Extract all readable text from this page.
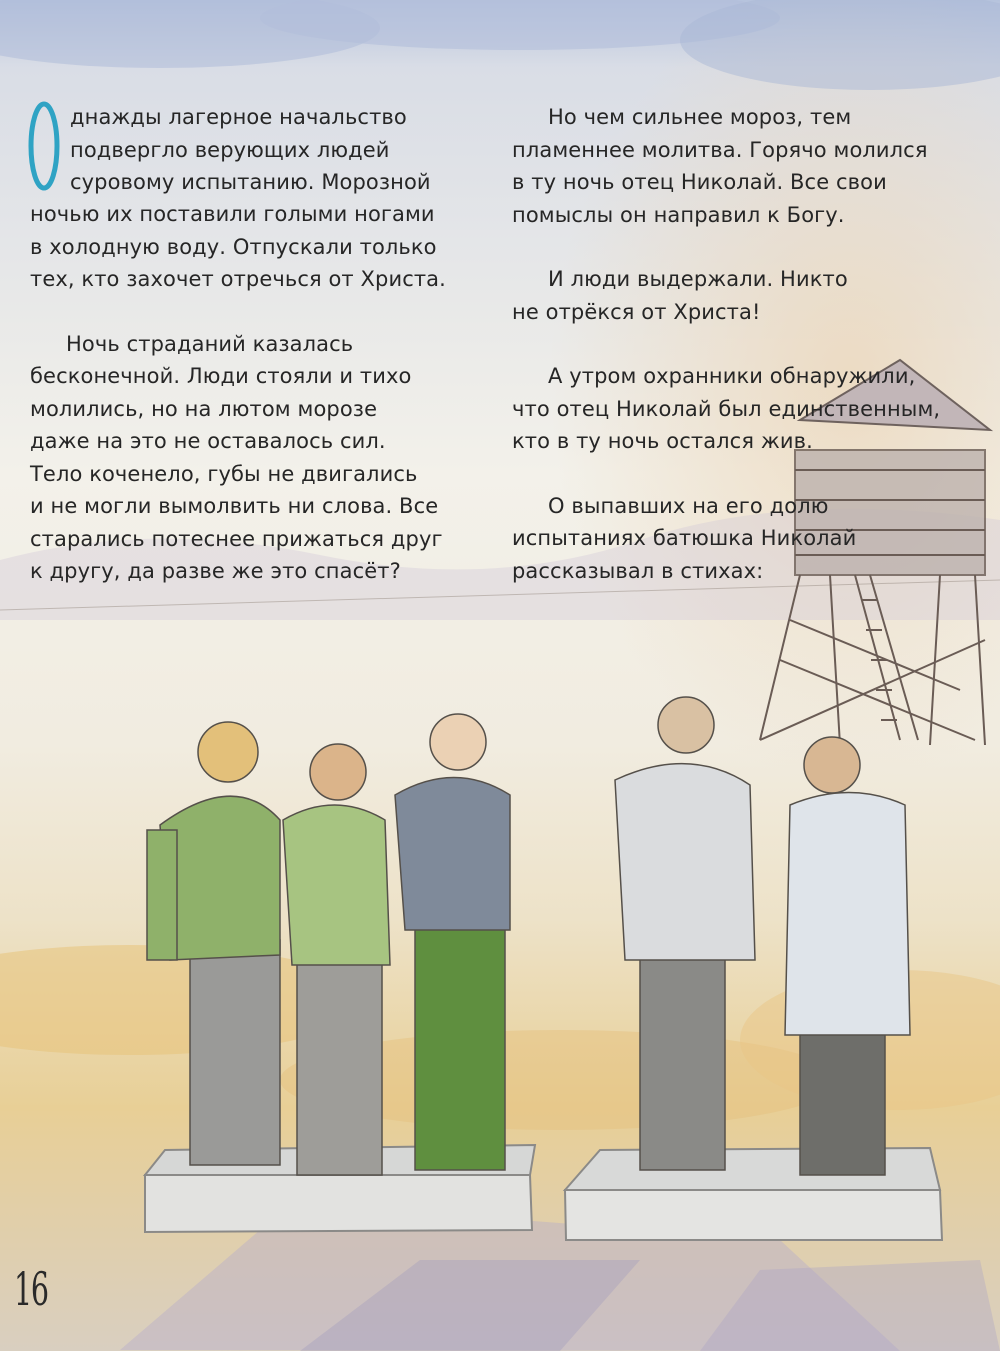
днажды лагерное начальство
подвергло верующих людей
суровому испытанию. Морозной
ночью их поставили голыми ногами
в холодную воду. Отпускали только
тех, кто захочет отречься от Христа.
Ночь страданий казалась
бесконечной. Люди стояли и тихо
молились, но на лютом морозе
даже на это не оставалось сил.
Тело коченело, губы не двигались
и не могли вымолвить ни слова. Все
старались потеснее прижаться друг
к другу, да разве же это спасёт?
Но чем сильнее мороз, тем
пламеннее молитва. Горячо молился
в ту ночь отец Николай. Все свои
помыслы он направил к Богу.
И люди выдержали. Никто
не отрёкся от Христа!
А утром охранники обнаружили,
что отец Николай был единственным,
кто в ту ночь остался жив.
О выпавших на его долю
испытаниях батюшка Николай
рассказывал в стихах:
16
